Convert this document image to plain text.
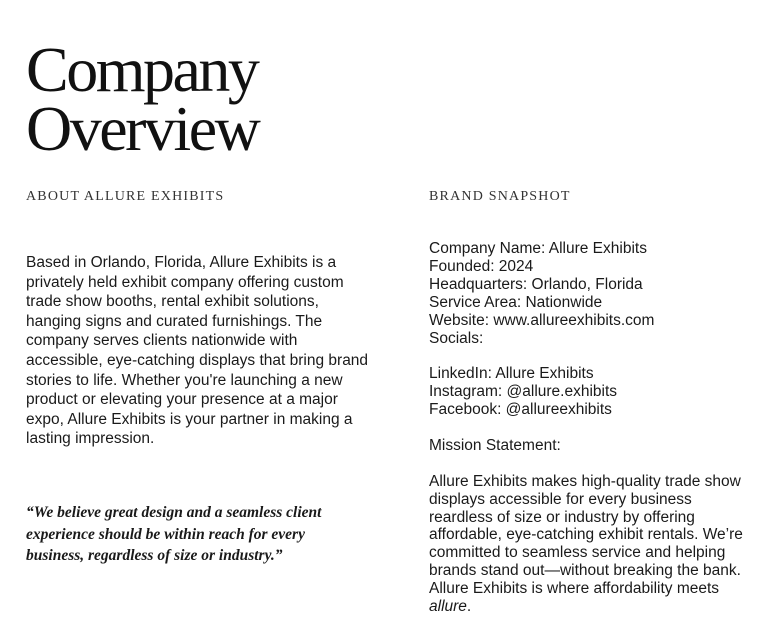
Company
Overview
ABOUT ALLURE EXHIBITS

Based in Orlando, Florida, Allure Exhibits is a privately held exhibit company offering custom trade show booths, rental exhibit solutions, hanging signs and curated furnishings. The company serves clients nationwide with accessible, eye-catching displays that bring brand stories to life. Whether you're launching a new product or elevating your presence at a major expo, Allure Exhibits is your partner in making a lasting impression.

“We believe great design and a seamless client experience should be within reach for every business, regardless of size or industry.”

BRAND SNAPSHOT
Company Name: Allure Exhibits
Founded: 2024
Headquarters: Orlando, Florida
Service Area: Nationwide
Website: www.allureexhibits.com
Socials:
LinkedIn: Allure Exhibits
Instagram: @allure.exhibits
Facebook: @allureexhibits
Mission Statement:

Allure Exhibits makes high-quality trade show displays accessible for every business reardless of size or industry by offering affordable, eye-catching exhibit rentals. We’re committed to seamless service and helping brands stand out—without breaking the bank. Allure Exhibits is where affordability meets allure.
